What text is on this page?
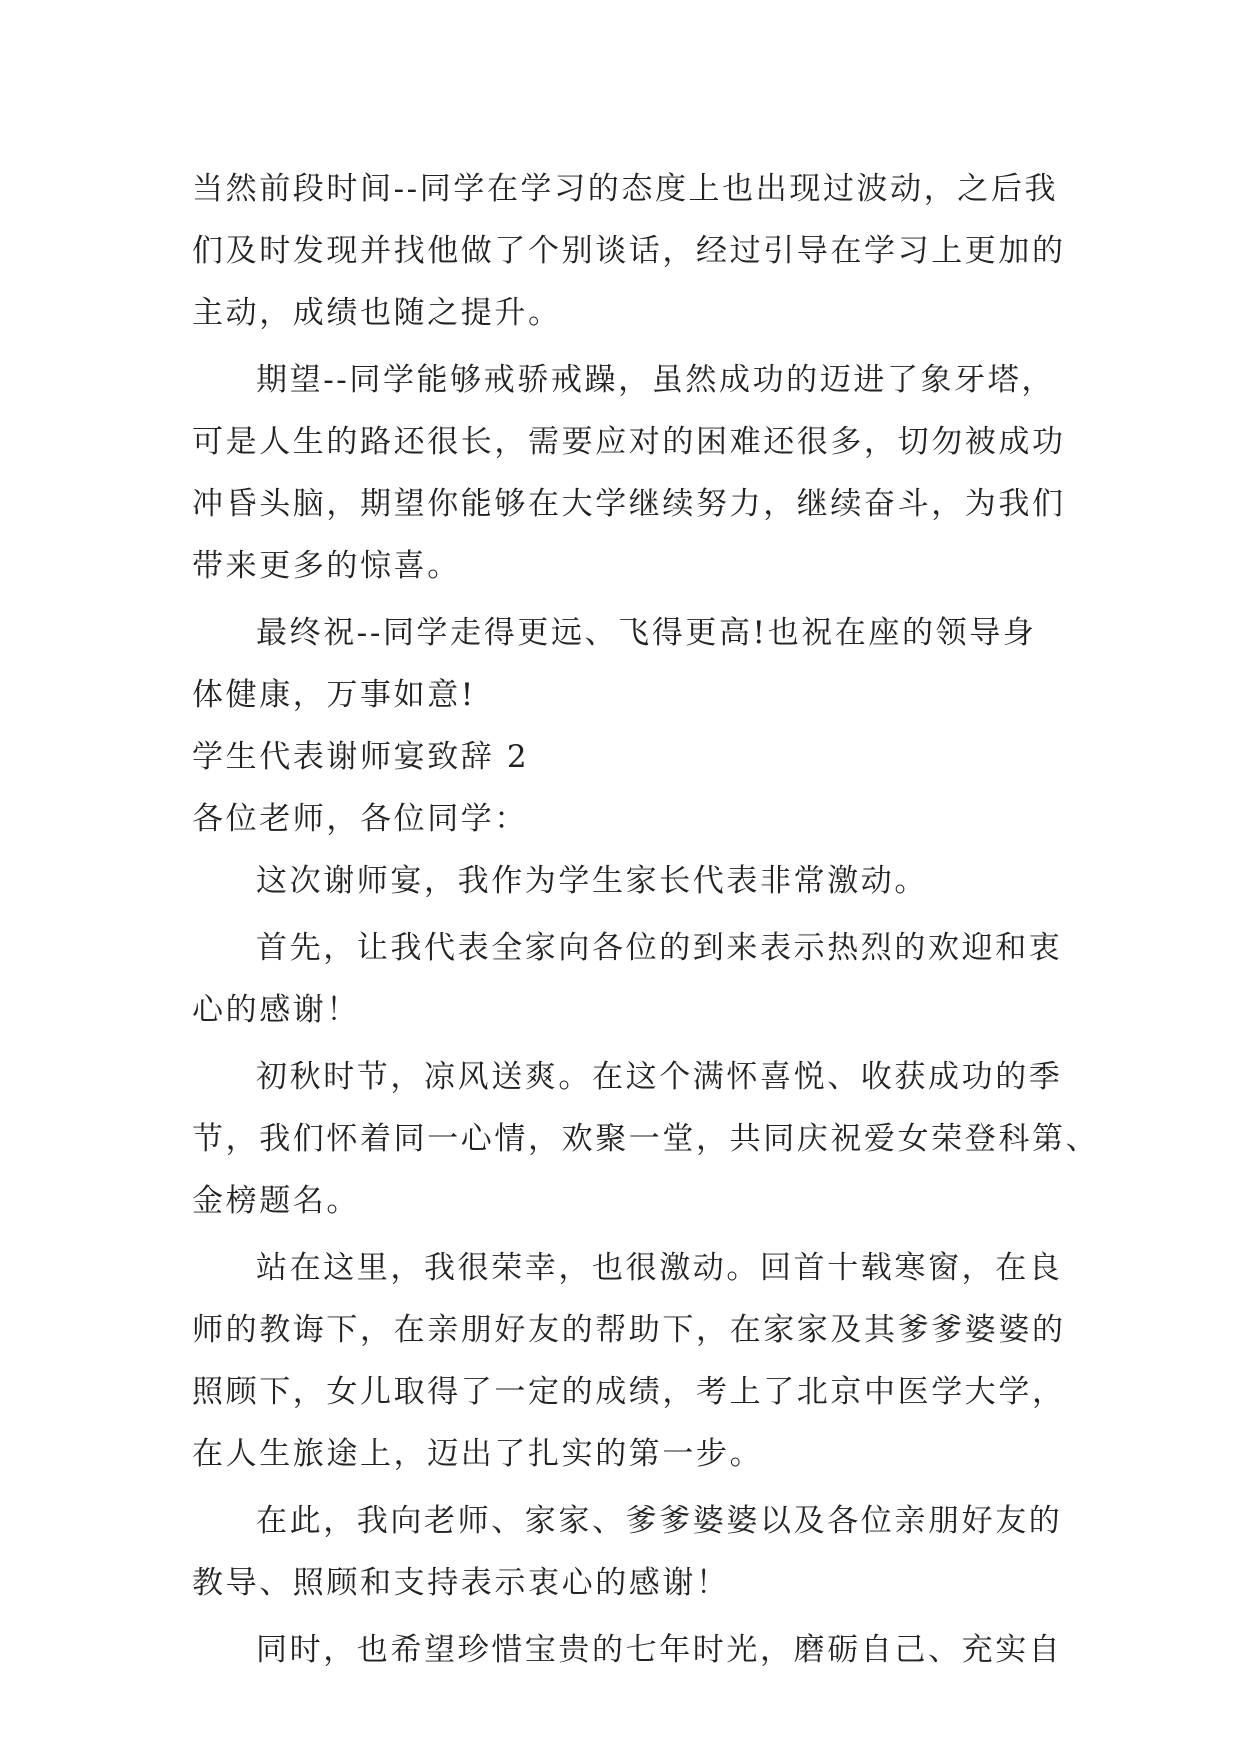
当然前段时间--同学在学习的态度上也出现过波动，之后我
们及时发现并找他做了个别谈话，经过引导在学习上更加的
主动，成绩也随之提升。
期望--同学能够戒骄戒躁，虽然成功的迈进了象牙塔，
可是人生的路还很长，需要应对的困难还很多，切勿被成功
冲昏头脑，期望你能够在大学继续努力，继续奋斗，为我们
带来更多的惊喜。
最终祝--同学走得更远、飞得更高!也祝在座的领导身
体健康，万事如意!
学生代表谢师宴致辞 2
各位老师，各位同学：
这次谢师宴，我作为学生家长代表非常激动。
首先，让我代表全家向各位的到来表示热烈的欢迎和衷
心的感谢！
初秋时节，凉风送爽。在这个满怀喜悦、收获成功的季
节，我们怀着同一心情，欢聚一堂，共同庆祝爱女荣登科第、
金榜题名。
站在这里，我很荣幸，也很激动。回首十载寒窗，在良
师的教诲下，在亲朋好友的帮助下，在家家及其爹爹婆婆的
照顾下，女儿取得了一定的成绩，考上了北京中医学大学，
在人生旅途上，迈出了扎实的第一步。
在此，我向老师、家家、爹爹婆婆以及各位亲朋好友的
教导、照顾和支持表示衷心的感谢！
同时，也希望珍惜宝贵的七年时光，磨砺自己、充实自
